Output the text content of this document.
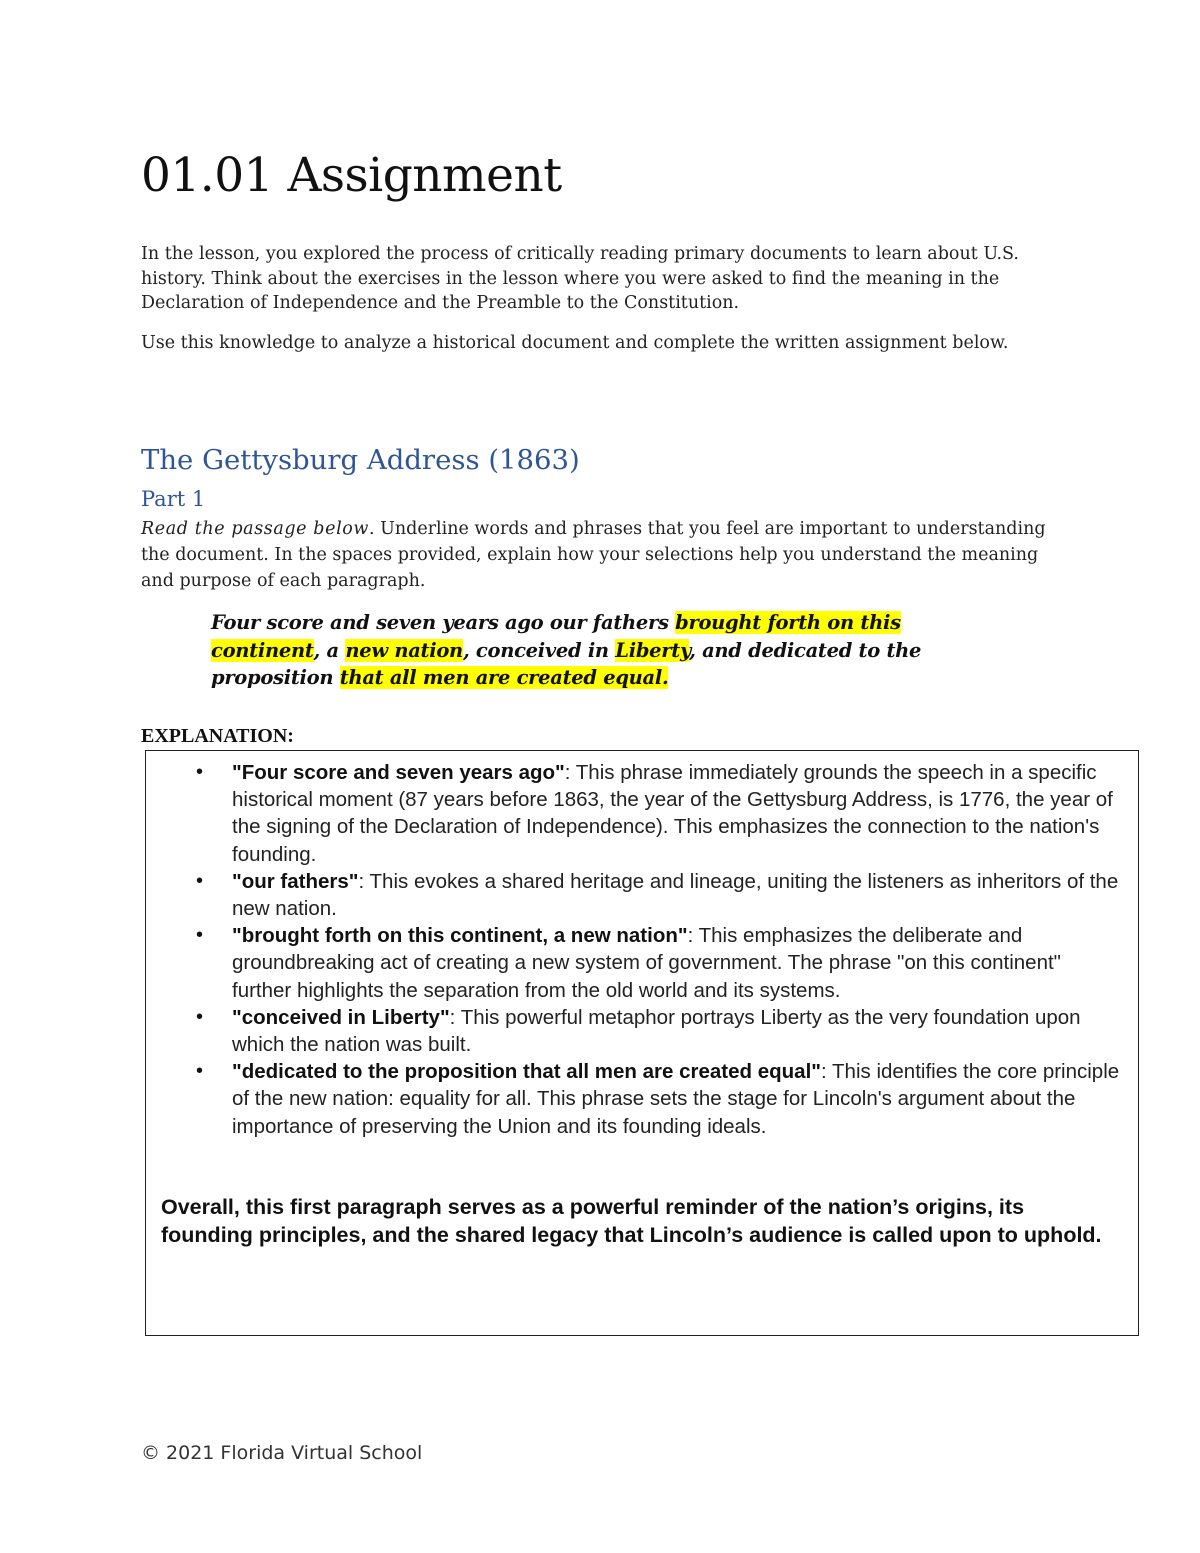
01.01 Assignment

In the lesson, you explored the process of critically reading primary documents to learn about U.S. history. Think about the exercises in the lesson where you were asked to find the meaning in the Declaration of Independence and the Preamble to the Constitution.

Use this knowledge to analyze a historical document and complete the written assignment below.

The Gettysburg Address (1863)
Part 1

Read the passage below. Underline words and phrases that you feel are important to understanding the document. In the spaces provided, explain how your selections help you understand the meaning and purpose of each paragraph.

Four score and seven years ago our fathers brought forth on this continent, a new nation, conceived in Liberty, and dedicated to the proposition that all men are created equal.

EXPLANATION:
• "Four score and seven years ago": This phrase immediately grounds the speech in a specific historical moment (87 years before 1863, the year of the Gettysburg Address, is 1776, the year of the signing of the Declaration of Independence). This emphasizes the connection to the nation's founding.
• "our fathers": This evokes a shared heritage and lineage, uniting the listeners as inheritors of the new nation.
• "brought forth on this continent, a new nation": This emphasizes the deliberate and groundbreaking act of creating a new system of government. The phrase "on this continent" further highlights the separation from the old world and its systems.
• "conceived in Liberty": This powerful metaphor portrays Liberty as the very foundation upon which the nation was built.
• "dedicated to the proposition that all men are created equal": This identifies the core principle of the new nation: equality for all. This phrase sets the stage for Lincoln's argument about the importance of preserving the Union and its founding ideals.
Overall, this first paragraph serves as a powerful reminder of the nation’s origins, its founding principles, and the shared legacy that Lincoln’s audience is called upon to uphold.
© 2021 Florida Virtual School
